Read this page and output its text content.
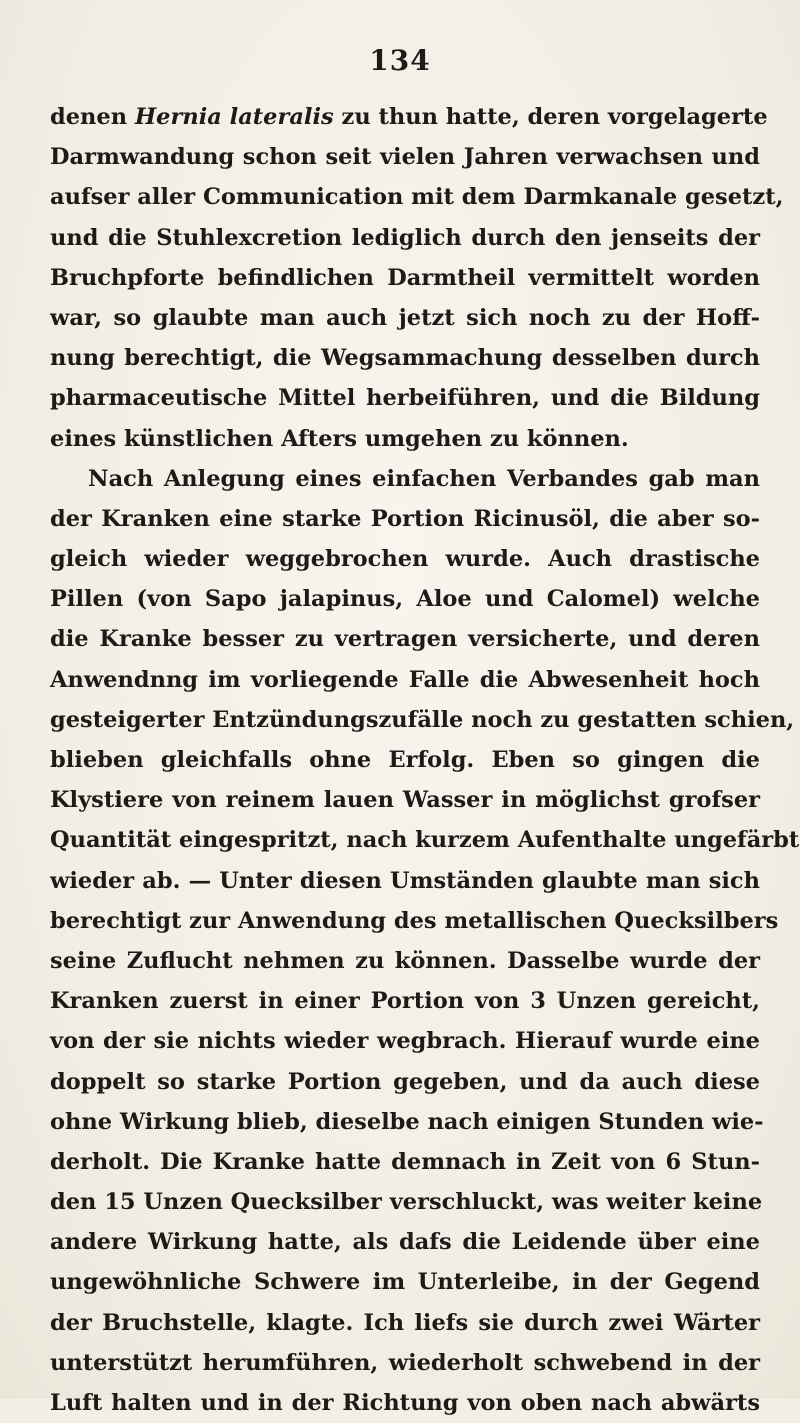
134
denen Hernia lateralis zu thun hatte, deren vorgelagerte
Darmwandung schon seit vielen Jahren verwachsen und
aufser aller Communication mit dem Darmkanale gesetzt,
und die Stuhlexcretion lediglich durch den jenseits der
Bruchpforte befindlichen Darmtheil vermittelt worden
war, so glaubte man auch jetzt sich noch zu der Hoff-
nung berechtigt, die Wegsammachung desselben durch
pharmaceutische Mittel herbeiführen, und die Bildung
eines künstlichen Afters umgehen zu können.
Nach Anlegung eines einfachen Verbandes gab man
der Kranken eine starke Portion Ricinusöl, die aber so-
gleich wieder weggebrochen wurde. Auch drastische
Pillen (von Sapo jalapinus, Aloe und Calomel) welche
die Kranke besser zu vertragen versicherte, und deren
Anwendnng im vorliegende Falle die Abwesenheit hoch
gesteigerter Entzündungszufälle noch zu gestatten schien,
blieben gleichfalls ohne Erfolg. Eben so gingen die
Klystiere von reinem lauen Wasser in möglichst grofser
Quantität eingespritzt, nach kurzem Aufenthalte ungefärbt
wieder ab. — Unter diesen Umständen glaubte man sich
berechtigt zur Anwendung des metallischen Quecksilbers
seine Zuflucht nehmen zu können. Dasselbe wurde der
Kranken zuerst in einer Portion von 3 Unzen gereicht,
von der sie nichts wieder wegbrach. Hierauf wurde eine
doppelt so starke Portion gegeben, und da auch diese
ohne Wirkung blieb, dieselbe nach einigen Stunden wie-
derholt. Die Kranke hatte demnach in Zeit von 6 Stun-
den 15 Unzen Quecksilber verschluckt, was weiter keine
andere Wirkung hatte, als dafs die Leidende über eine
ungewöhnliche Schwere im Unterleibe, in der Gegend
der Bruchstelle, klagte. Ich liefs sie durch zwei Wärter
unterstützt herumführen, wiederholt schwebend in der
Luft halten und in der Richtung von oben nach abwärts
